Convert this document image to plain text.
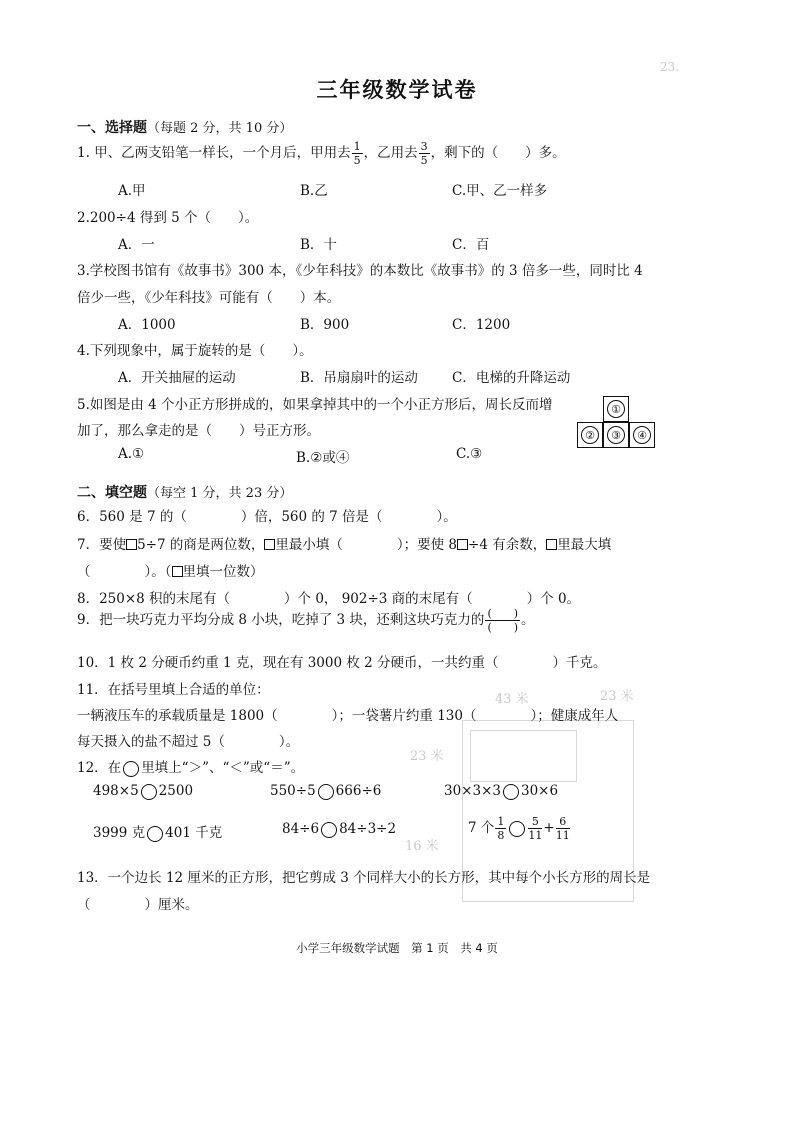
23.
23 米
43 米
23 米
16 米
三年级数学试卷
一、选择题（每题 2 分，共 10 分）
1. 甲、乙两支铅笔一样长，一个月后，甲用去 $\frac{1}{5}$ ，乙用去 $\frac{3}{5}$ ，剩下的（　　）多。
A.甲	B.乙	C.甲、乙一样多
2.200÷4 得到 5 个（　　）。
A．一	B．十	C．百
3.学校图书馆有《故事书》300 本，《少年科技》的本数比《故事书》的 3 倍多一些，同时比 4
倍少一些，《少年科技》可能有（　　）本。
A．1000	B．900	C．1200
4.下列现象中，属于旋转的是（　　）。
A．开关抽屉的运动	B．吊扇扇叶的运动	C．电梯的升降运动
5.如图是由 4 个小正方形拼成的，如果拿掉其中的一个小正方形后，周长反而增
加了，那么拿走的是（　　）号正方形。
A.①	B.②或④	C.③
①
②	③	④
二、填空题（每空 1 分，共 23 分）
6．560 是 7 的（　　　　）倍，560 的 7 倍是（　　　　）。
7．要使 5÷7 的商是两位数， 里最小填（　　　　）；要使 8 ÷4 有余数， 里最大填
（　　　　）。（ 里填一位数）
8．250×8 积的末尾有（　　　　）个 0， 902÷3 商的末尾有（　　　　）个 0。
9．把一块巧克力平均分成 8 小块，吃掉了 3 块，还剩这块巧克力的 $\frac{( )}{( )}$ 。
10．1 枚 2 分硬币约重 1 克，现在有 3000 枚 2 分硬币，一共约重（　　　　）千克。
11．在括号里填上合适的单位：
一辆液压车的承载质量是 1800（　　　　）；一袋薯片约重 130（　　　　）；健康成年人
每天摄入的盐不超过 5（　　　　）。
12．在 里填上“＞”、“＜”或“＝”。
498×5 2500	550÷5 666÷6	30×3×3 30×6
3999 克 401 千克	84÷6 84÷3÷2	7 个 $\frac{1}{8} \frac{5}{11} + \frac{6}{11}$
13．一个边长 12 厘米的正方形，把它剪成 3 个同样大小的长方形，其中每个小长方形的周长是
（　　　　）厘米。
小学三年级数学试题　第 1 页　共 4 页
